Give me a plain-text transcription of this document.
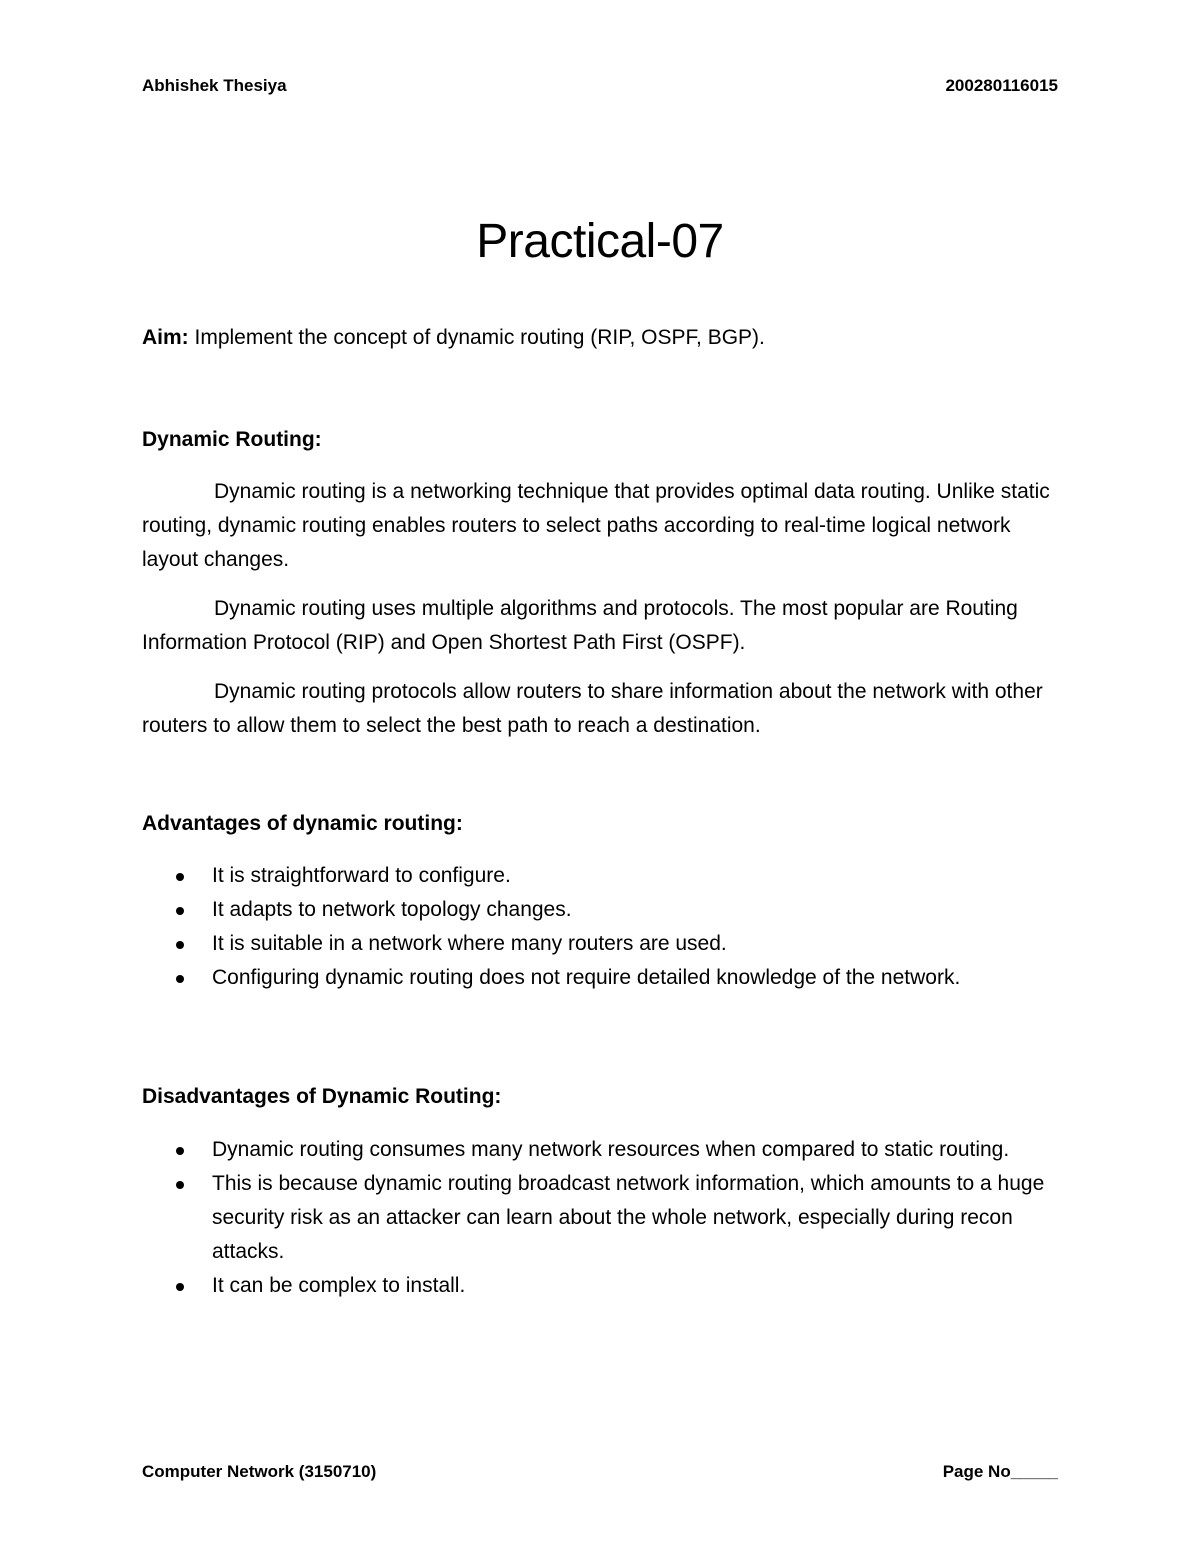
Abhishek Thesiya	200280116015
Practical-07
Aim: Implement the concept of dynamic routing (RIP, OSPF, BGP).
Dynamic Routing:

Dynamic routing is a networking technique that provides optimal data routing. Unlike static routing, dynamic routing enables routers to select paths according to real-time logical network layout changes.

Dynamic routing uses multiple algorithms and protocols. The most popular are Routing Information Protocol (RIP) and Open Shortest Path First (OSPF).

Dynamic routing protocols allow routers to share information about the network with other routers to allow them to select the best path to reach a destination.

Advantages of dynamic routing:
It is straightforward to configure.
It adapts to network topology changes.
It is suitable in a network where many routers are used.
Configuring dynamic routing does not require detailed knowledge of the network.
Disadvantages of Dynamic Routing:
Dynamic routing consumes many network resources when compared to static routing.
This is because dynamic routing broadcast network information, which amounts to a huge security risk as an attacker can learn about the whole network, especially during recon attacks.
It can be complex to install.
Computer Network (3150710)	Page No_____
